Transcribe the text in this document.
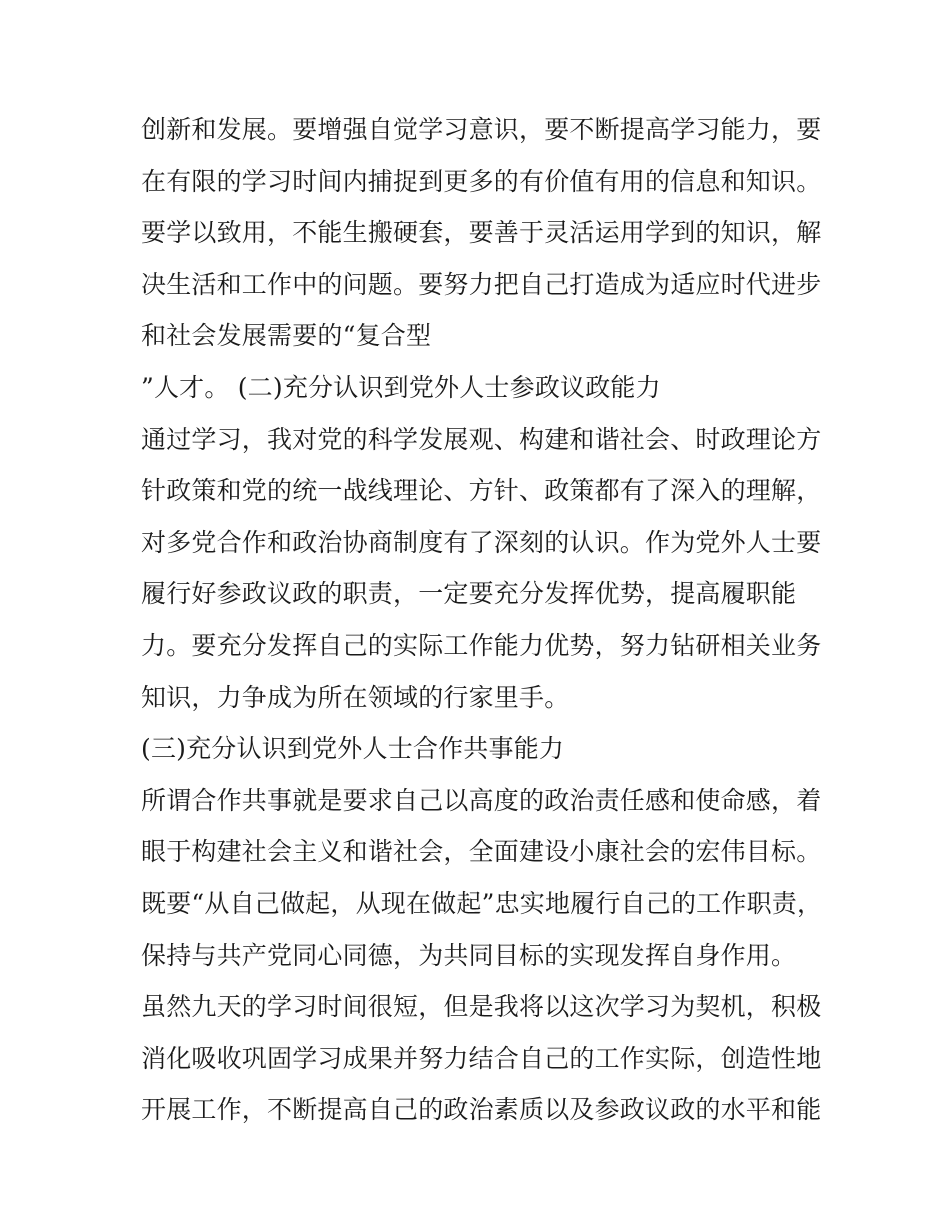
创新和发展。要增强自觉学习意识，要不断提高学习能力，要
在有限的学习时间内捕捉到更多的有价值有用的信息和知识。
要学以致用，不能生搬硬套，要善于灵活运用学到的知识，解
决生活和工作中的问题。要努力把自己打造成为适应时代进步
和社会发展需要的“复合型
”人才。 (二)充分认识到党外人士参政议政能力
通过学习，我对党的科学发展观、构建和谐社会、时政理论方
针政策和党的统一战线理论、方针、政策都有了深入的理解，
对多党合作和政治协商制度有了深刻的认识。作为党外人士要
履行好参政议政的职责，一定要充分发挥优势，提高履职能
力。要充分发挥自己的实际工作能力优势，努力钻研相关业务
知识，力争成为所在领域的行家里手。
(三)充分认识到党外人士合作共事能力
所谓合作共事就是要求自己以高度的政治责任感和使命感，着
眼于构建社会主义和谐社会，全面建设小康社会的宏伟目标。
既要“从自己做起，从现在做起”忠实地履行自己的工作职责，
保持与共产党同心同德，为共同目标的实现发挥自身作用。
虽然九天的学习时间很短，但是我将以这次学习为契机，积极
消化吸收巩固学习成果并努力结合自己的工作实际，创造性地
开展工作，不断提高自己的政治素质以及参政议政的水平和能
